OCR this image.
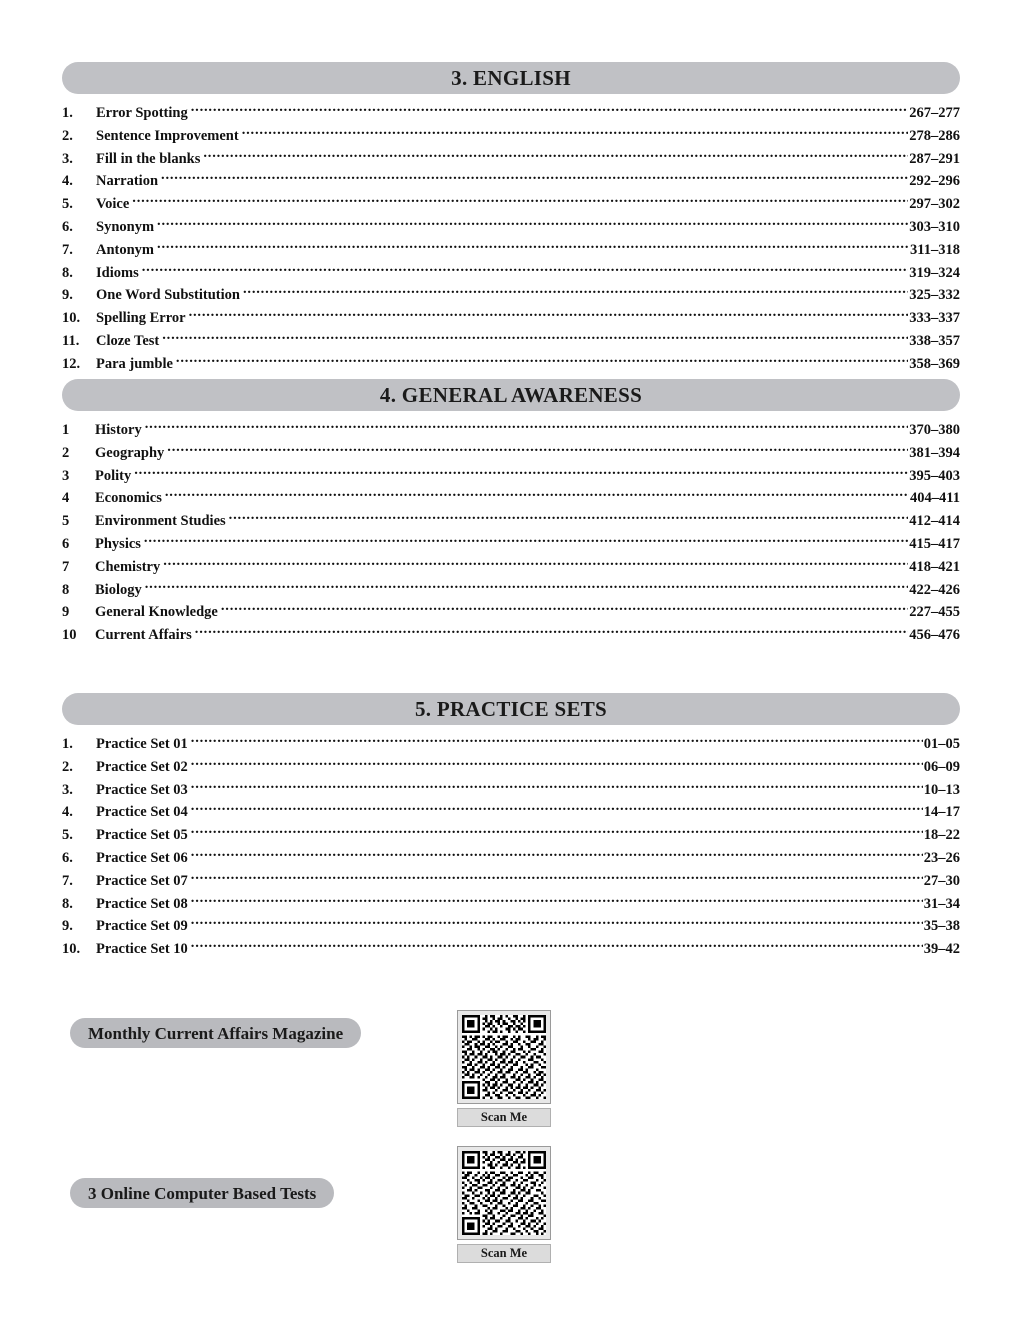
3. ENGLISH
1.	Error Spotting .....	267–277
2.	Sentence Improvement .....	278–286
3.	Fill in the blanks .....	287–291
4.	Narration .....	292–296
5.	Voice .....	297–302
6.	Synonym .....	303–310
7.	Antonym .....	311–318
8.	Idioms .....	319–324
9.	One Word Substitution .....	325–332
10.	Spelling Error .....	333–337
11.	Cloze Test .....	338–357
12.	Para jumble .....	358–369
4. GENERAL AWARENESS
1	History .....	370–380
2	Geography .....	381–394
3	Polity .....	395–403
4	Economics .....	404–411
5	Environment Studies .....	412–414
6	Physics .....	415–417
7	Chemistry .....	418–421
8	Biology .....	422–426
9	General Knowledge .....	227–455
10	Current Affairs .....	456–476
5. PRACTICE SETS
1.	Practice Set 01 .....	01–05
2.	Practice Set 02 .....	06–09
3.	Practice Set 03 .....	10–13
4.	Practice Set 04 .....	14–17
5.	Practice Set 05 .....	18–22
6.	Practice Set 06 .....	23–26
7.	Practice Set 07 .....	27–30
8.	Practice Set 08 .....	31–34
9.	Practice Set 09 .....	35–38
10.	Practice Set 10 .....	39–42
Monthly Current Affairs Magazine
Scan Me
3 Online Computer Based Tests
Scan Me
